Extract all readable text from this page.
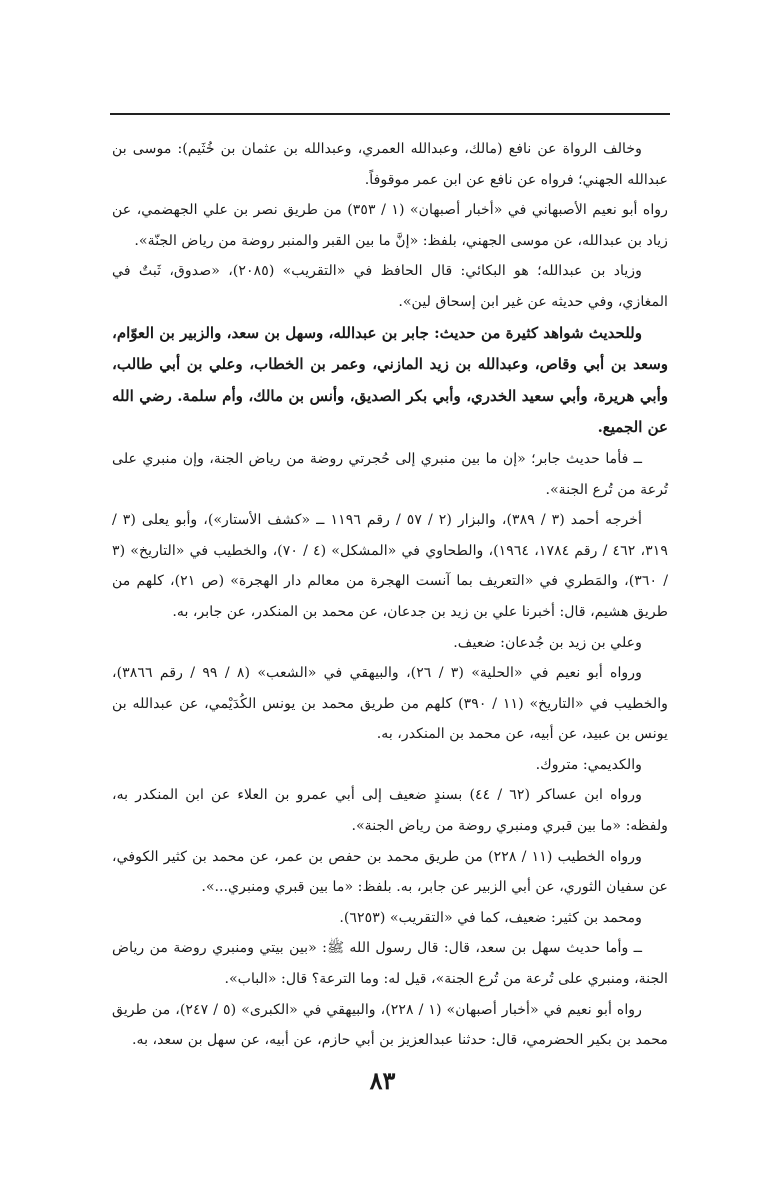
وخالف الرواة عن نافع (مالك، وعبدالله العمري، وعبدالله بن عثمان بن خُثَيم): موسى بن عبدالله الجهني؛ فرواه عن نافع عن ابن عمر موقوفاً.

رواه أبو نعيم الأصبهاني في «أخبار أصبهان» (١ / ٣٥٣) من طريق نصر بن علي الجهضمي، عن زياد بن عبدالله، عن موسى الجهني، بلفظ: «إنَّ ما بين القبر والمنبر روضة من رياض الجنّة».

وزياد بن عبدالله؛ هو البكائي: قال الحافظ في «التقريب» (٢٠٨٥)، «صدوق، ثَبتٌ في المغازي، وفي حديثه عن غير ابن إسحاق لين».

وللحديث شواهد كثيرة من حديث: جابر بن عبدالله، وسهل بن سعد، والزبير بن العوّام، وسعد بن أبي وقاص، وعبدالله بن زيد المازني، وعمر بن الخطاب، وعلي بن أبي طالب، وأبي هريرة، وأبي سعيد الخدري، وأبي بكر الصديق، وأنس بن مالك، وأم سلمة. رضي الله عن الجميع.

ــ فأما حديث جابر؛ «إن ما بين منبري إلى حُجرتي روضة من رياض الجنة، وإن منبري على تُرعة من تُرع الجنة».

أخرجه أحمد (٣ / ٣٨٩)، والبزار (٢ / ٥٧ / رقم ١١٩٦ ــ «كشف الأستار»)، وأبو يعلى (٣ / ٣١٩، ٤٦٢ / رقم ١٧٨٤، ١٩٦٤)، والطحاوي في «المشكل» (٤ / ٧٠)، والخطيب في «التاريخ» (٣ / ٣٦٠)، والمَطري في «التعريف بما آنست الهجرة من معالم دار الهجرة» (ص ٢١)، كلهم من طريق هشيم، قال: أخبرنا علي بن زيد بن جدعان، عن محمد بن المنكدر، عن جابر، به.

وعلي بن زيد بن جُدعان: ضعيف.

ورواه أبو نعيم في «الحلية» (٣ / ٢٦)، والبيهقي في «الشعب» (٨ / ٩٩ / رقم ٣٨٦٦)، والخطيب في «التاريخ» (١١ / ٣٩٠) كلهم من طريق محمد بن يونس الكُدَيْمي، عن عبدالله بن يونس بن عبيد، عن أبيه، عن محمد بن المنكدر، به.

والكديمي: متروك.

ورواه ابن عساكر (٦٢ / ٤٤) بسندٍ ضعيف إلى أبي عمرو بن العلاء عن ابن المنكدر به، ولفظه: «ما بين قبري ومنبري روضة من رياض الجنة».

ورواه الخطيب (١١ / ٢٢٨) من طريق محمد بن حفص بن عمر، عن محمد بن كثير الكوفي، عن سفيان الثوري، عن أبي الزبير عن جابر، به. بلفظ: «ما بين قبري ومنبري...».

ومحمد بن كثير: ضعيف، كما في «التقريب» (٦٢٥٣).

ــ وأما حديث سهل بن سعد، قال: قال رسول الله ﷺ: «بين بيتي ومنبري روضة من رياض الجنة، ومنبري على تُرعة من تُرع الجنة»، قيل له: وما الترعة؟ قال: «الباب».

رواه أبو نعيم في «أخبار أصبهان» (١ / ٢٢٨)، والبيهقي في «الكبرى» (٥ / ٢٤٧)، من طريق محمد بن بكير الحضرمي، قال: حدثنا عبدالعزيز بن أبي حازم، عن أبيه، عن سهل بن سعد، به.

٨٣
